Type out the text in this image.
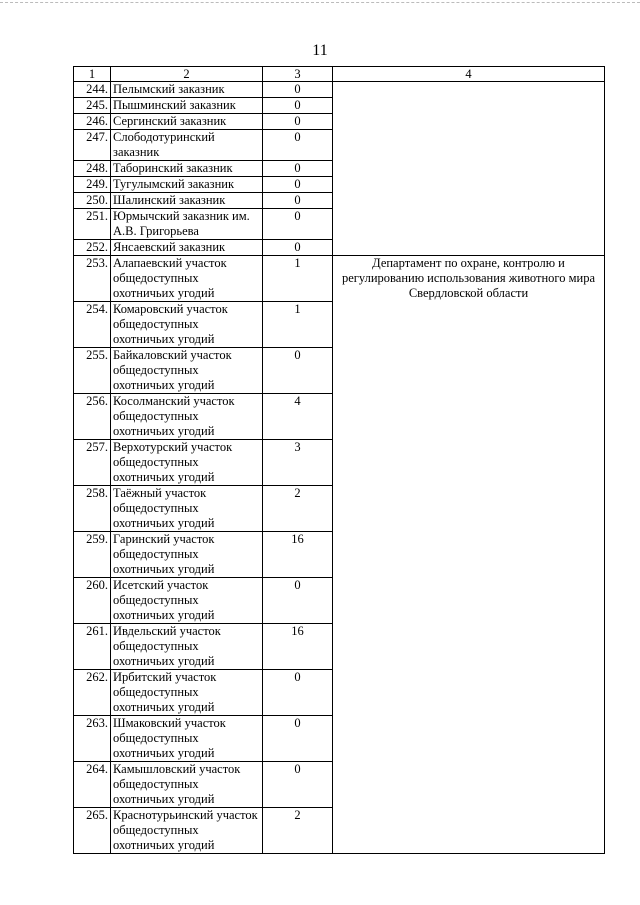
11
1	2	3	4
244.	Пелымский заказник	0	
245.	Пышминский заказник	0	
246.	Сергинский заказник	0	
247.	Слободотуринский заказник	0	
248.	Таборинский заказник	0	
249.	Тугулымский заказник	0	
250.	Шалинский заказник	0	
251.	Юрмычский заказник им. А.В. Григорьева	0	
252.	Янсаевский заказник	0	
253.	Алапаевский участок общедоступных охотничьих угодий	1	Департамент по охране, контролю и регулированию использования животного мира Свердловской области
254.	Комаровский участок общедоступных охотничьих угодий	1	
255.	Байкаловский участок общедоступных охотничьих угодий	0	
256.	Косолманский участок общедоступных охотничьих угодий	4	
257.	Верхотурский участок общедоступных охотничьих угодий	3	
258.	Таёжный участок общедоступных охотничьих угодий	2	
259.	Гаринский участок общедоступных охотничьих угодий	16	
260.	Исетский участок общедоступных охотничьих угодий	0	
261.	Ивдельский участок общедоступных охотничьих угодий	16	
262.	Ирбитский участок общедоступных охотничьих угодий	0	
263.	Шмаковский участок общедоступных охотничьих угодий	0	
264.	Камышловский участок общедоступных охотничьих угодий	0	
265.	Краснотурьинский участок общедоступных охотничьих угодий	2	
